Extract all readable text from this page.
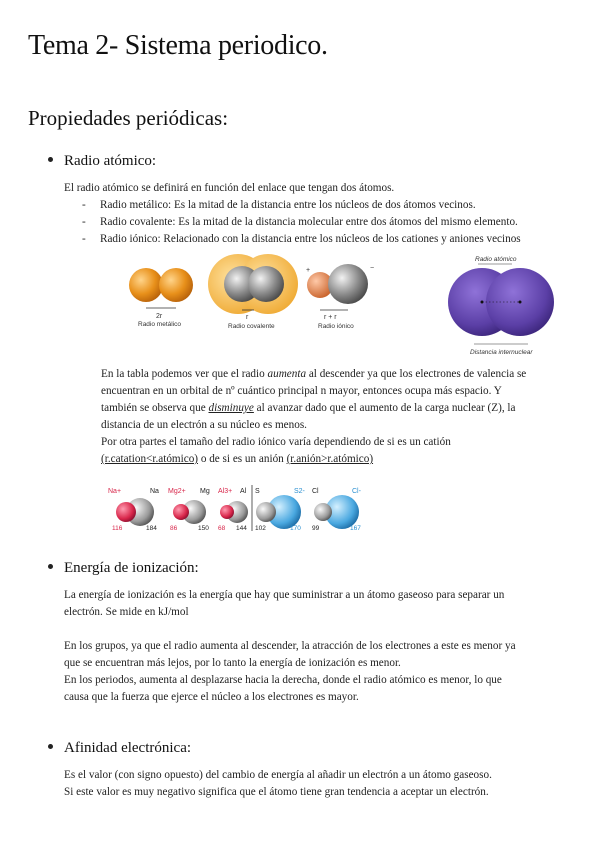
Tema 2- Sistema periodico.
Propiedades periódicas:
Radio atómico:

El radio atómico se definirá en función del enlace que tengan dos átomos.

- Radio metálico: Es la mitad de la distancia entre los núcleos de dos átomos vecinos.
- Radio covalente: Es la mitad de la distancia molecular entre dos átomos del mismo elemento.
- Radio iónico: Relacionado con la distancia entre los núcleos de los cationes y aniones vecinos
2r
Radio metálico
r
Radio covalente
+	−
r + r
Radio iónico
Radio atómico
Distancia internuclear

En la tabla podemos ver que el radio aumenta al descender ya que los electrones de valencia se

encuentran en un orbital de nº cuántico principal n mayor, entonces ocupa más espacio. Y

también se observa que disminuye al avanzar dado que el aumento de la carga nuclear (Z), la

distancia de un electrón a su núcleo es menos.

Por otra partes el tamaño del radio iónico varía dependiendo de si es un catión

(r.catation<r.atómico) o de si es un anión (r.anión>r.atómico)

Na+	Na
116	184
Mg2+ Mg
86	150
Al3+ Al
68 144
S	S2-
102	170
Cl	Cl-
99	167
Energía de ionización:

La energía de ionización es la energía que hay que suministrar a un átomo gaseoso para separar un

electrón. Se mide en kJ/mol

En los grupos, ya que el radio aumenta al descender, la atracción de los electrones a este es menor ya

que se encuentran más lejos, por lo tanto la energía de ionización es menor.

En los periodos, aumenta al desplazarse hacia la derecha, donde el radio atómico es menor, lo que

causa que la fuerza que ejerce el núcleo a los electrones es mayor.

Afinidad electrónica:

Es el valor (con signo opuesto) del cambio de energía al añadir un electrón a un átomo gaseoso.

Si este valor es muy negativo significa que el átomo tiene gran tendencia a aceptar un electrón.
